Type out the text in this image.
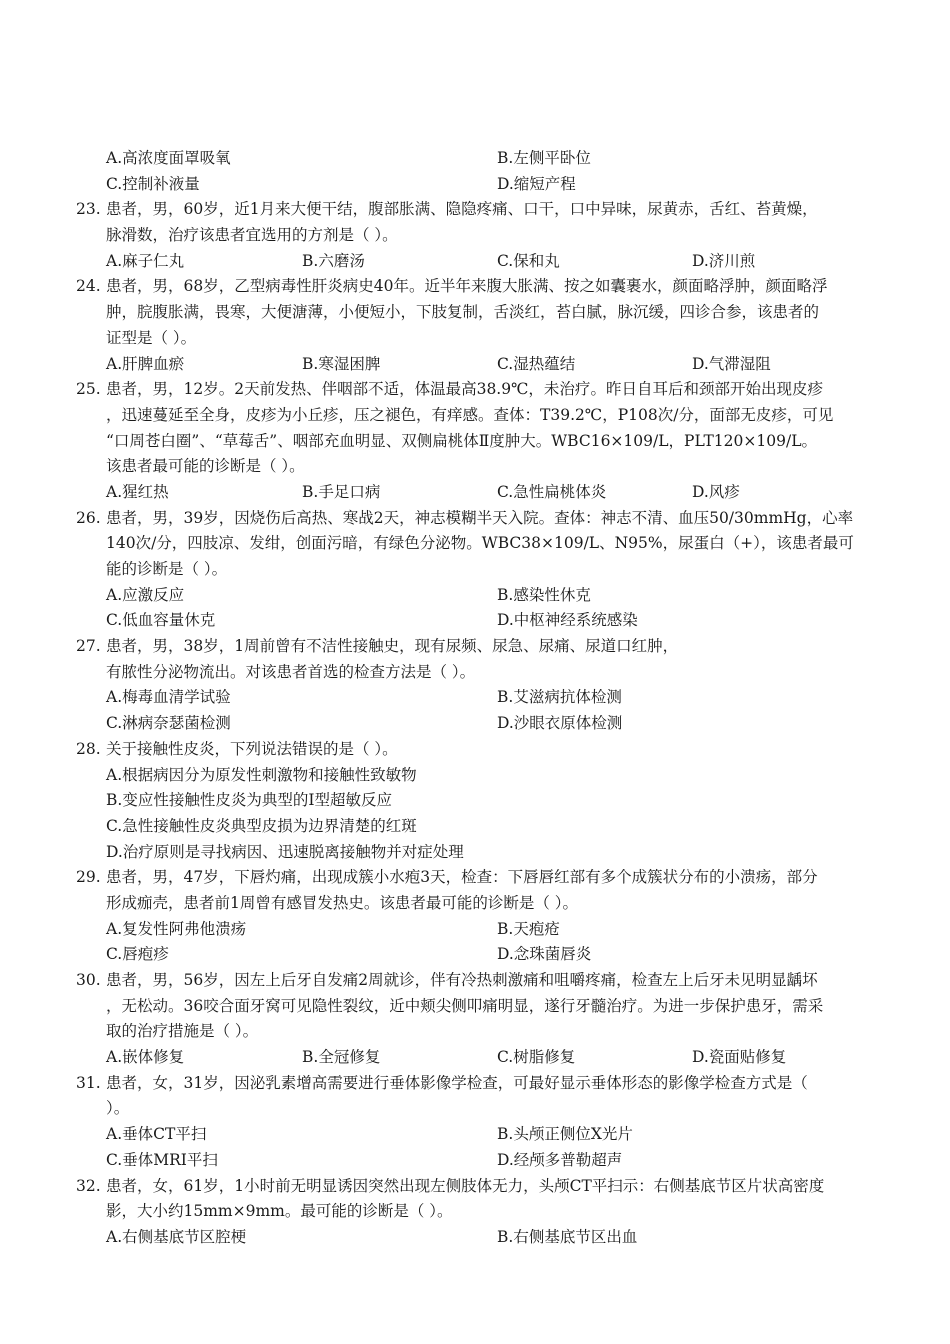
A.高浓度面罩吸氧	B.左侧平卧位
C.控制补液量	D.缩短产程
23. 患者，男，60岁，近1月来大便干结，腹部胀满、隐隐疼痛、口干，口中异味，尿黄赤，舌红、苔黄燥，
脉滑数，治疗该患者宜选用的方剂是（ ）。
A.麻子仁丸	B.六磨汤	C.保和丸	D.济川煎
24. 患者，男，68岁，乙型病毒性肝炎病史40年。近半年来腹大胀满、按之如囊裹水，颜面略浮肿，颜面略浮
肿，脘腹胀满，畏寒，大便溏薄，小便短小，下肢复制，舌淡红，苔白腻，脉沉缓，四诊合参，该患者的
证型是（ ）。
A.肝脾血瘀	B.寒湿困脾	C.湿热蕴结	D.气滞湿阻
25. 患者，男，12岁。2天前发热、伴咽部不适，体温最高38.9℃，未治疗。昨日自耳后和颈部开始出现皮疹
，迅速蔓延至全身，皮疹为小丘疹，压之褪色，有痒感。查体：T39.2℃，P108次/分，面部无皮疹，可见
“口周苍白圈”、“草莓舌”、咽部充血明显、双侧扁桃体Ⅱ度肿大。WBC16×109/L，PLT120×109/L。
该患者最可能的诊断是（ ）。
A.猩红热	B.手足口病	C.急性扁桃体炎	D.风疹
26. 患者，男，39岁，因烧伤后高热、寒战2天，神志模糊半天入院。查体：神志不清、血压50/30mmHg，心率
140次/分，四肢凉、发绀，创面污暗，有绿色分泌物。WBC38×109/L、N95%，尿蛋白（+），该患者最可
能的诊断是（ ）。
A.应激反应	B.感染性休克
C.低血容量休克	D.中枢神经系统感染
27. 患者，男，38岁，1周前曾有不洁性接触史，现有尿频、尿急、尿痛、尿道口红肿，
有脓性分泌物流出。对该患者首选的检查方法是（ ）。
A.梅毒血清学试验	B.艾滋病抗体检测
C.淋病奈瑟菌检测	D.沙眼衣原体检测
28. 关于接触性皮炎，下列说法错误的是（ ）。
A.根据病因分为原发性刺激物和接触性致敏物
B.变应性接触性皮炎为典型的Ⅰ型超敏反应
C.急性接触性皮炎典型皮损为边界清楚的红斑
D.治疗原则是寻找病因、迅速脱离接触物并对症处理
29. 患者，男，47岁，下唇灼痛，出现成簇小水疱3天，检查：下唇唇红部有多个成簇状分布的小溃疡，部分
形成痂壳，患者前1周曾有感冒发热史。该患者最可能的诊断是（ ）。
A.复发性阿弗他溃疡	B.天疱疮
C.唇疱疹	D.念珠菌唇炎
30. 患者，男，56岁，因左上后牙自发痛2周就诊，伴有冷热刺激痛和咀嚼疼痛，检查左上后牙未见明显龋坏
，无松动。36咬合面牙窝可见隐性裂纹，近中颊尖侧叩痛明显，遂行牙髓治疗。为进一步保护患牙，需采
取的治疗措施是（ ）。
A.嵌体修复	B.全冠修复	C.树脂修复	D.瓷面贴修复
31. 患者，女，31岁，因泌乳素增高需要进行垂体影像学检查，可最好显示垂体形态的影像学检查方式是（
）。
A.垂体CT平扫	B.头颅正侧位X光片
C.垂体MRI平扫	D.经颅多普勒超声
32. 患者，女，61岁，1小时前无明显诱因突然出现左侧肢体无力，头颅CT平扫示：右侧基底节区片状高密度
影，大小约15mm×9mm。最可能的诊断是（ ）。
A.右侧基底节区腔梗	B.右侧基底节区出血
